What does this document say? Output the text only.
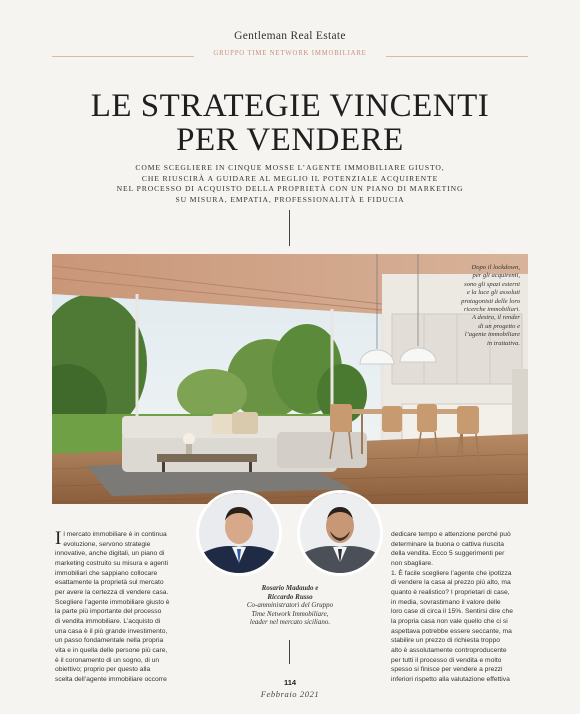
Gentleman Real Estate
GRUPPO TIME NETWORK IMMOBILIARE
LE STRATEGIE VINCENTI
PER VENDERE
COME SCEGLIERE IN CINQUE MOSSE L’AGENTE IMMOBILIARE GIUSTO,
CHE RIUSCIRÀ A GUIDARE AL MEGLIO IL POTENZIALE ACQUIRENTE
NEL PROCESSO DI ACQUISTO DELLA PROPRIETÀ CON UN PIANO DI MARKETING
SU MISURA, EMPATIA, PROFESSIONALITÀ E FIDUCIA
Dopo il lockdown,
per gli acquirenti,
sono gli spazi esterni
e la luce gli assoluti
protagonisti delle loro
ricerche immobiliari.
A destra, il render
di un progetto e
l’agente immobiliare
in trattativa.
Rosario Madaudo e
Riccardo Russo
Co-amministratori del Gruppo
Time Network Immobiliare,
leader nel mercato siciliano.
I l mercato immobiliare è in continua
evoluzione, servono strategie
innovative, anche digitali, un piano di
marketing costruito su misura e agenti
immobiliari che sappiano collocare
esattamente la proprietà sul mercato
per avere la certezza di vendere casa.
Scegliere l’agente immobiliare giusto è
la parte più importante del processo
di vendita immobiliare. L’acquisto di
una casa è il più grande investimento,
un passo fondamentale nella propria
vita e in quella delle persone più care,
è il coronamento di un sogno, di un
obiettivo; proprio per questo alla
scelta dell’agente immobiliare occorre
dedicare tempo e attenzione perché può
determinare la buona o cattiva riuscita
della vendita. Ecco 5 suggerimenti per
non sbagliare.
1. È facile scegliere l’agente che ipotizza
di vendere la casa al prezzo più alto, ma
quanto è realistico? I proprietari di case,
in media, sovrastimano il valore delle
loro case di circa il 15%. Sentirsi dire che
la propria casa non vale quello che ci si
aspettava potrebbe essere seccante, ma
stabilire un prezzo di richiesta troppo
alto è assolutamente controproducente
per tutti il processo di vendita e molto
spesso si finisce per vendere a prezzi
inferiori rispetto alla valutazione effettiva
114
Febbraio 2021
